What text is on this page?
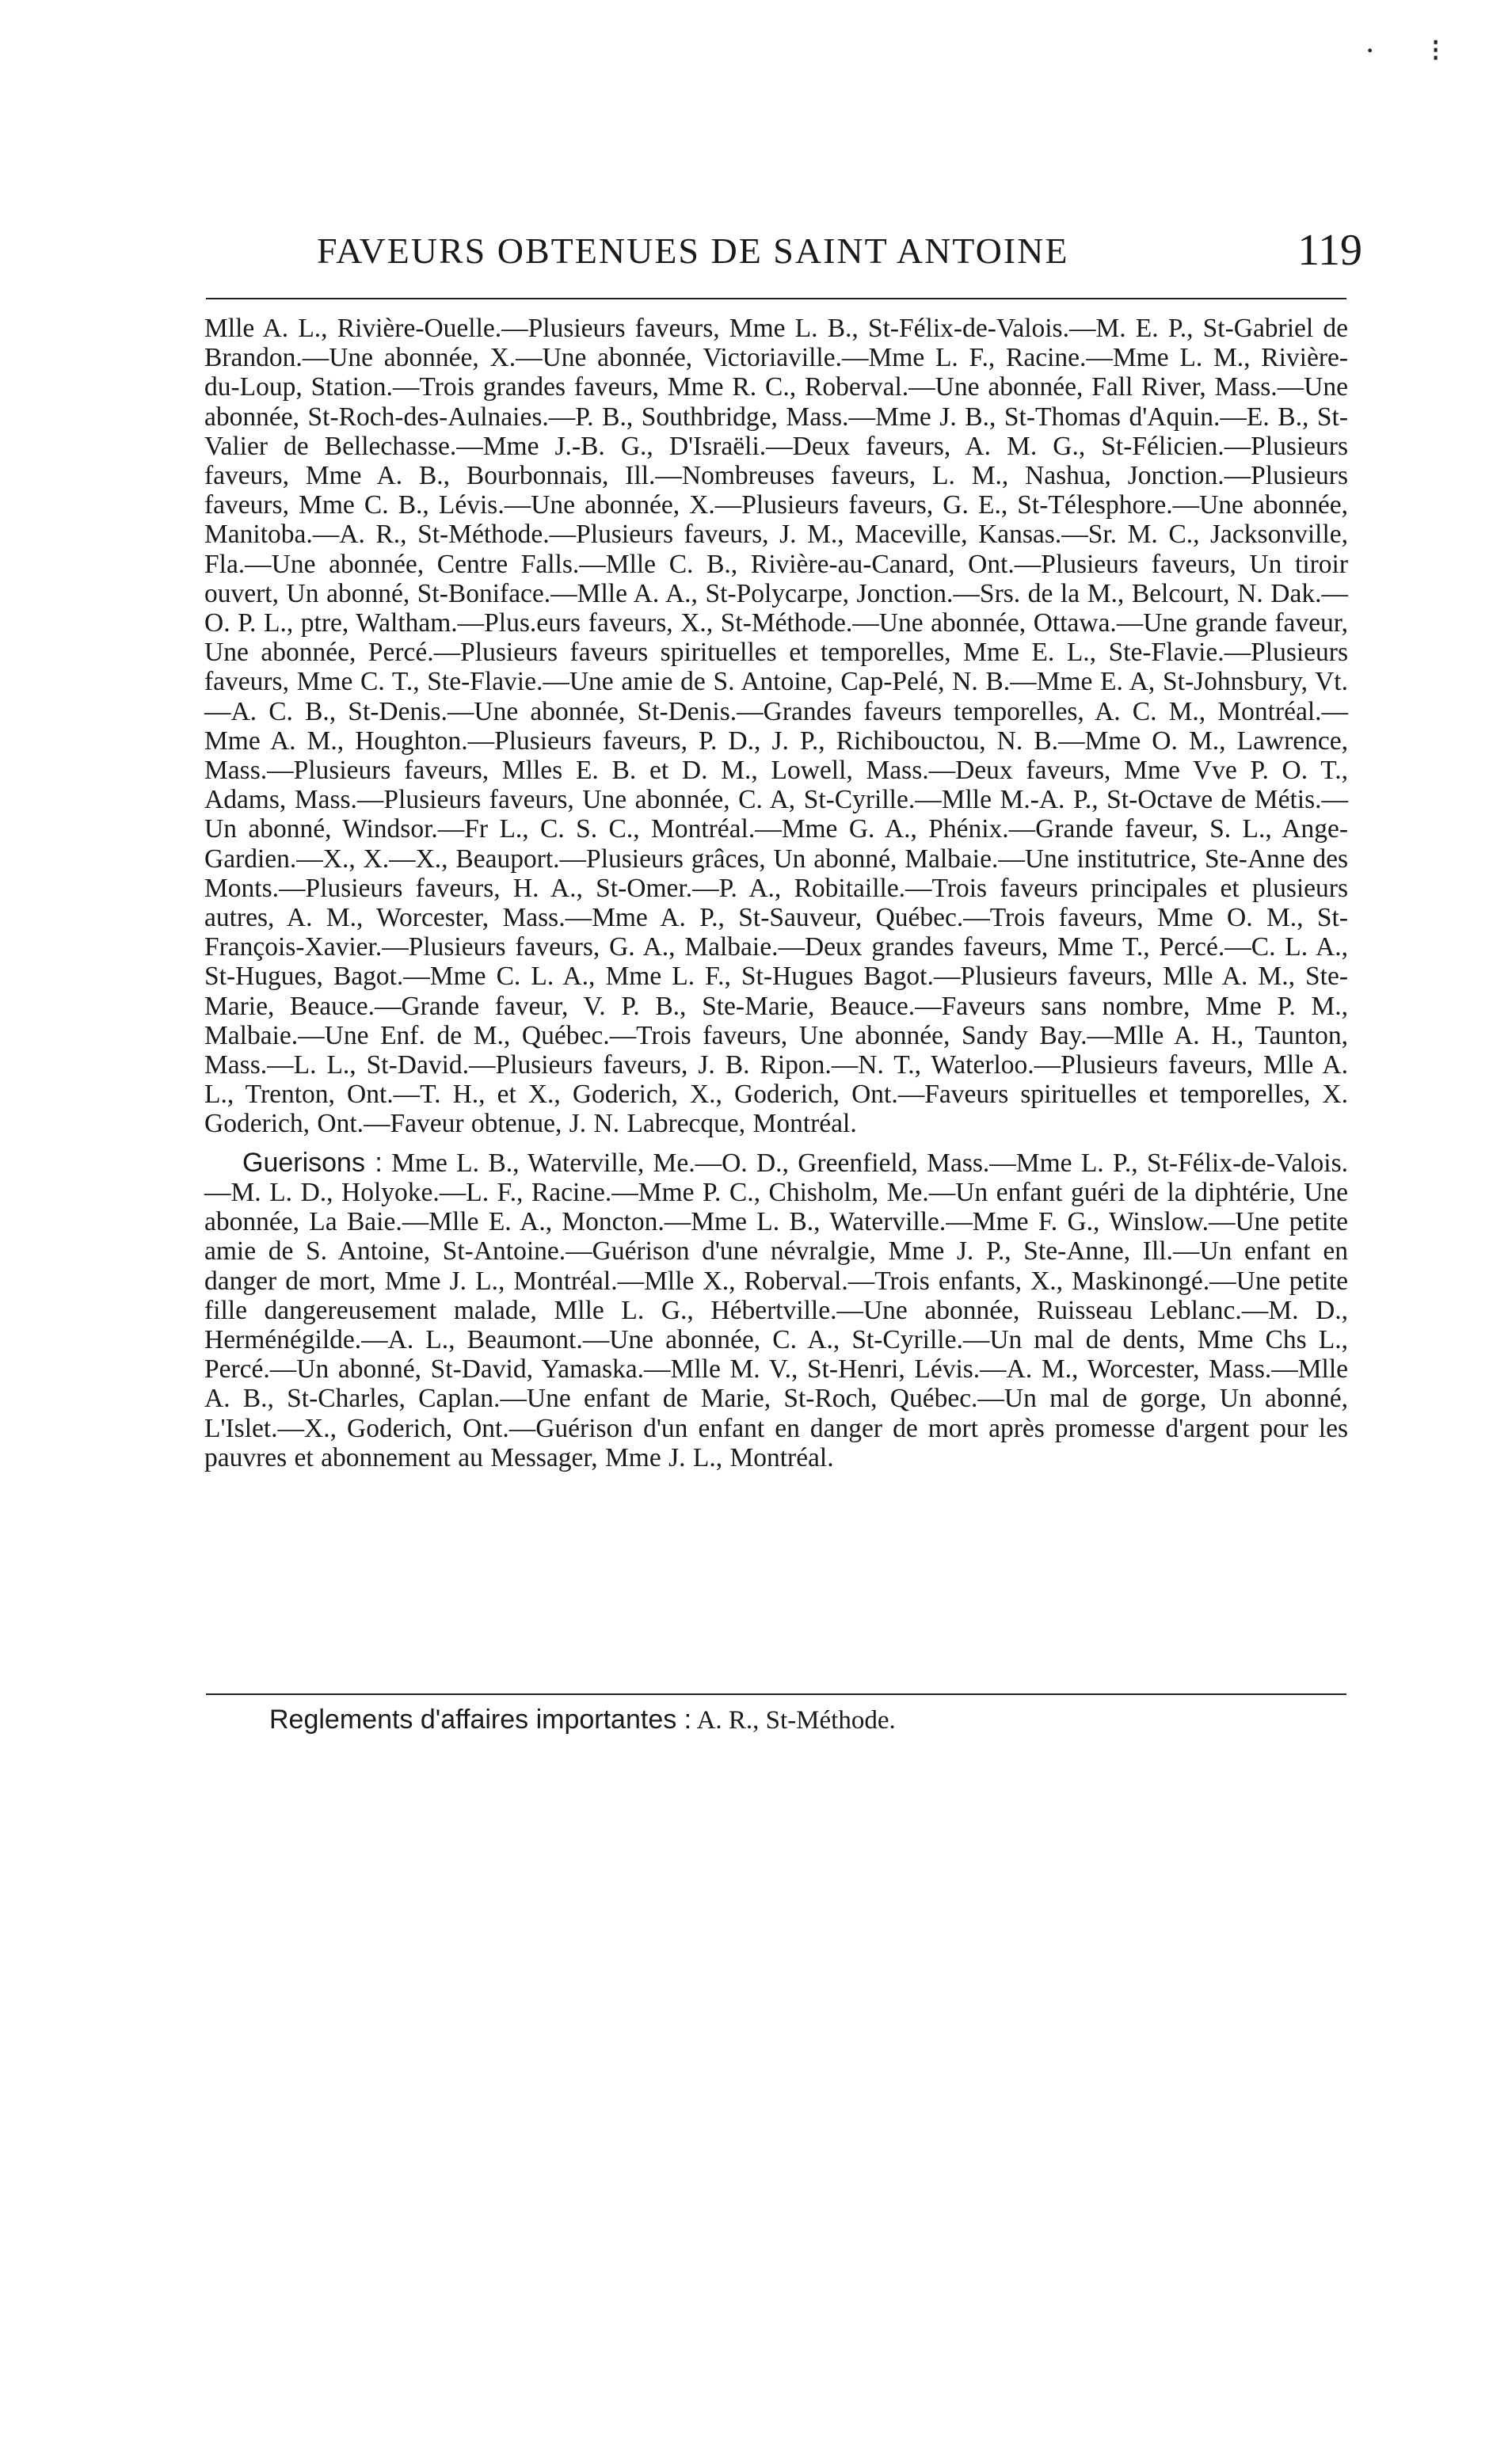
· ⁝
FAVEURS OBTENUES DE SAINT ANTOINE	119

Mlle A. L., Rivière-Ouelle.—Plusieurs faveurs, Mme L. B., St-Félix-de-Valois.—M. E. P., St-Gabriel de Brandon.—Une abonnée, X.—Une abonnée, Victoriaville.—Mme L. F., Racine.—Mme L. M., Rivière-du-Loup, Station.—Trois grandes faveurs, Mme R. C., Roberval.—Une abonnée, Fall River, Mass.—Une abonnée, St-Roch-des-Aulnaies.—P. B., Southbridge, Mass.—Mme J. B., St-Thomas d'Aquin.—E. B., St-Valier de Bellechasse.—Mme J.-B. G., D'Israëli.—Deux faveurs, A. M. G., St-Félicien.—Plusieurs faveurs, Mme A. B., Bourbonnais, Ill.—Nombreuses faveurs, L. M., Nashua, Jonction.—Plusieurs faveurs, Mme C. B., Lévis.—Une abonnée, X.—Plusieurs faveurs, G. E., St-Télesphore.—Une abonnée, Manitoba.—A. R., St-Méthode.—Plusieurs faveurs, J. M., Maceville, Kansas.—Sr. M. C., Jacksonville, Fla.—Une abonnée, Centre Falls.—Mlle C. B., Rivière-au-Canard, Ont.—Plusieurs faveurs, Un tiroir ouvert, Un abonné, St-Boniface.—Mlle A. A., St-Polycarpe, Jonction.—Srs. de la M., Belcourt, N. Dak.—O. P. L., ptre, Waltham.—Plus.eurs faveurs, X., St-Méthode.—Une abonnée, Ottawa.—Une grande faveur, Une abonnée, Percé.—Plusieurs faveurs spirituelles et temporelles, Mme E. L., Ste-Flavie.—Plusieurs faveurs, Mme C. T., Ste-Flavie.—Une amie de S. Antoine, Cap-Pelé, N. B.—Mme E. A, St-Johnsbury, Vt.—A. C. B., St-Denis.—Une abonnée, St-Denis.—Grandes faveurs temporelles, A. C. M., Montréal.—Mme A. M., Houghton.—Plusieurs faveurs, P. D., J. P., Richibouctou, N. B.—Mme O. M., Lawrence, Mass.—Plusieurs faveurs, Mlles E. B. et D. M., Lowell, Mass.—Deux faveurs, Mme Vve P. O. T., Adams, Mass.—Plusieurs faveurs, Une abonnée, C. A, St-Cyrille.—Mlle M.-A. P., St-Octave de Métis.—Un abonné, Windsor.—Fr L., C. S. C., Montréal.—Mme G. A., Phénix.—Grande faveur, S. L., Ange-Gardien.—X., X.—X., Beauport.—Plusieurs grâces, Un abonné, Malbaie.—Une institutrice, Ste-Anne des Monts.—Plusieurs faveurs, H. A., St-Omer.—P. A., Robitaille.—Trois faveurs principales et plusieurs autres, A. M., Worcester, Mass.—Mme A. P., St-Sauveur, Québec.—Trois faveurs, Mme O. M., St-François-Xavier.—Plusieurs faveurs, G. A., Malbaie.—Deux grandes faveurs, Mme T., Percé.—C. L. A., St-Hugues, Bagot.—Mme C. L. A., Mme L. F., St-Hugues Bagot.—Plusieurs faveurs, Mlle A. M., Ste-Marie, Beauce.—Grande faveur, V. P. B., Ste-Marie, Beauce.—Faveurs sans nombre, Mme P. M., Malbaie.—Une Enf. de M., Québec.—Trois faveurs, Une abonnée, Sandy Bay.—Mlle A. H., Taunton, Mass.—L. L., St-David.—Plusieurs faveurs, J. B. Ripon.—N. T., Waterloo.—Plusieurs faveurs, Mlle A. L., Trenton, Ont.—T. H., et X., Goderich, X., Goderich, Ont.—Faveurs spirituelles et temporelles, X. Goderich, Ont.—Faveur obtenue, J. N. Labrecque, Montréal.

Guerisons : Mme L. B., Waterville, Me.—O. D., Greenfield, Mass.—Mme L. P., St-Félix-de-Valois.—M. L. D., Holyoke.—L. F., Racine.—Mme P. C., Chisholm, Me.—Un enfant guéri de la diphtérie, Une abonnée, La Baie.—Mlle E. A., Moncton.—Mme L. B., Waterville.—Mme F. G., Winslow.—Une petite amie de S. Antoine, St-Antoine.—Guérison d'une névralgie, Mme J. P., Ste-Anne, Ill.—Un enfant en danger de mort, Mme J. L., Montréal.—Mlle X., Roberval.—Trois enfants, X., Maskinongé.—Une petite fille dangereusement malade, Mlle L. G., Hébertville.—Une abonnée, Ruisseau Leblanc.—M. D., Herménégilde.—A. L., Beaumont.—Une abonnée, C. A., St-Cyrille.—Un mal de dents, Mme Chs L., Percé.—Un abonné, St-David, Yamaska.—Mlle M. V., St-Henri, Lévis.—A. M., Worcester, Mass.—Mlle A. B., St-Charles, Caplan.—Une enfant de Marie, St-Roch, Québec.—Un mal de gorge, Un abonné, L'Islet.—X., Goderich, Ont.—Guérison d'un enfant en danger de mort après promesse d'argent pour les pauvres et abonnement au Messager, Mme J. L., Montréal.

Reglements d'affaires importantes : A. R., St-Méthode.
